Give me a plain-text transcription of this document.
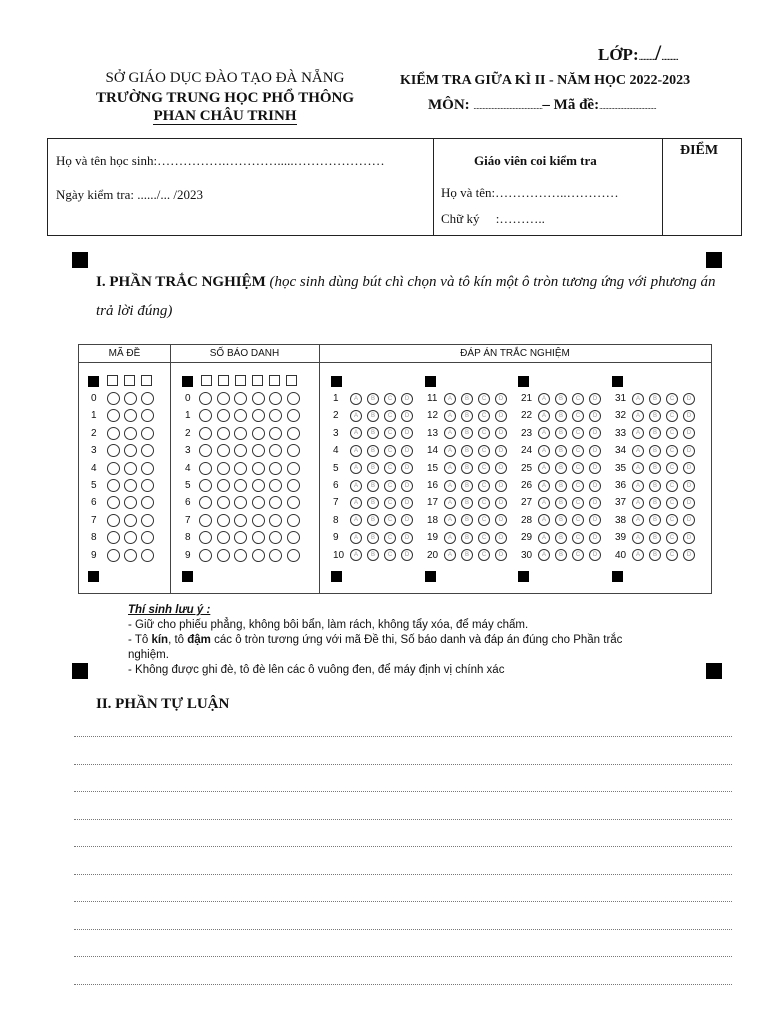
LỚP:.........../...........
SỞ GIÁO DỤC ĐÀO TẠO ĐÀ NẴNG
TRƯỜNG TRUNG HỌC PHỔ THÔNG
PHAN CHÂU TRINH
KIỂM TRA GIỮA KÌ II - NĂM HỌC 2022-2023
MÔN: ..............................................– Mã đề:......................................
Họ và tên học sinh:…………….………….....…………………
Ngày kiểm tra: ....../... /2023
Giáo viên coi kiểm tra
Họ và tên:……………..…………
Chữ ký :………..
ĐIỂM
I. PHẦN TRẮC NGHIỆM (học sinh dùng bút chì chọn và tô kín một ô tròn tương ứng với phương án trả lời đúng)
MÃ ĐỀ	SỐ BÁO DANH	ĐÁP ÁN TRẮC NGHIỆM
0	0	1	A	B	C	D	11	A	B	C	D	21	A	B	C	D	31	A	B	C	D
1	1	2	A	B	C	D	12	A	B	C	D	22	A	B	C	D	32	A	B	C	D
2	2	3	A	B	C	D	13	A	B	C	D	23	A	B	C	D	33	A	B	C	D
3	3	4	A	B	C	D	14	A	B	C	D	24	A	B	C	D	34	A	B	C	D
4	4	5	A	B	C	D	15	A	B	C	D	25	A	B	C	D	35	A	B	C	D
5	5	6	A	B	C	D	16	A	B	C	D	26	A	B	C	D	36	A	B	C	D
6	6	7	A	B	C	D	17	A	B	C	D	27	A	B	C	D	37	A	B	C	D
7	7	8	A	B	C	D	18	A	B	C	D	28	A	B	C	D	38	A	B	C	D
8	8	9	A	B	C	D	19	A	B	C	D	29	A	B	C	D	39	A	B	C	D
9	9	10	A	B	C	D	20	A	B	C	D	30	A	B	C	D	40	A	B	C	D
Thí sinh lưu ý :
- Giữ cho phiếu phẳng, không bôi bẩn, làm rách, không tẩy xóa, để máy chấm.
- Tô kín, tô đậm các ô tròn tương ứng với mã Đề thi, Số báo danh và đáp án đúng cho Phần trắc nghiệm.
- Không được ghi đè, tô đè lên các ô vuông đen, để máy định vị chính xác
II. PHẦN TỰ LUẬN
